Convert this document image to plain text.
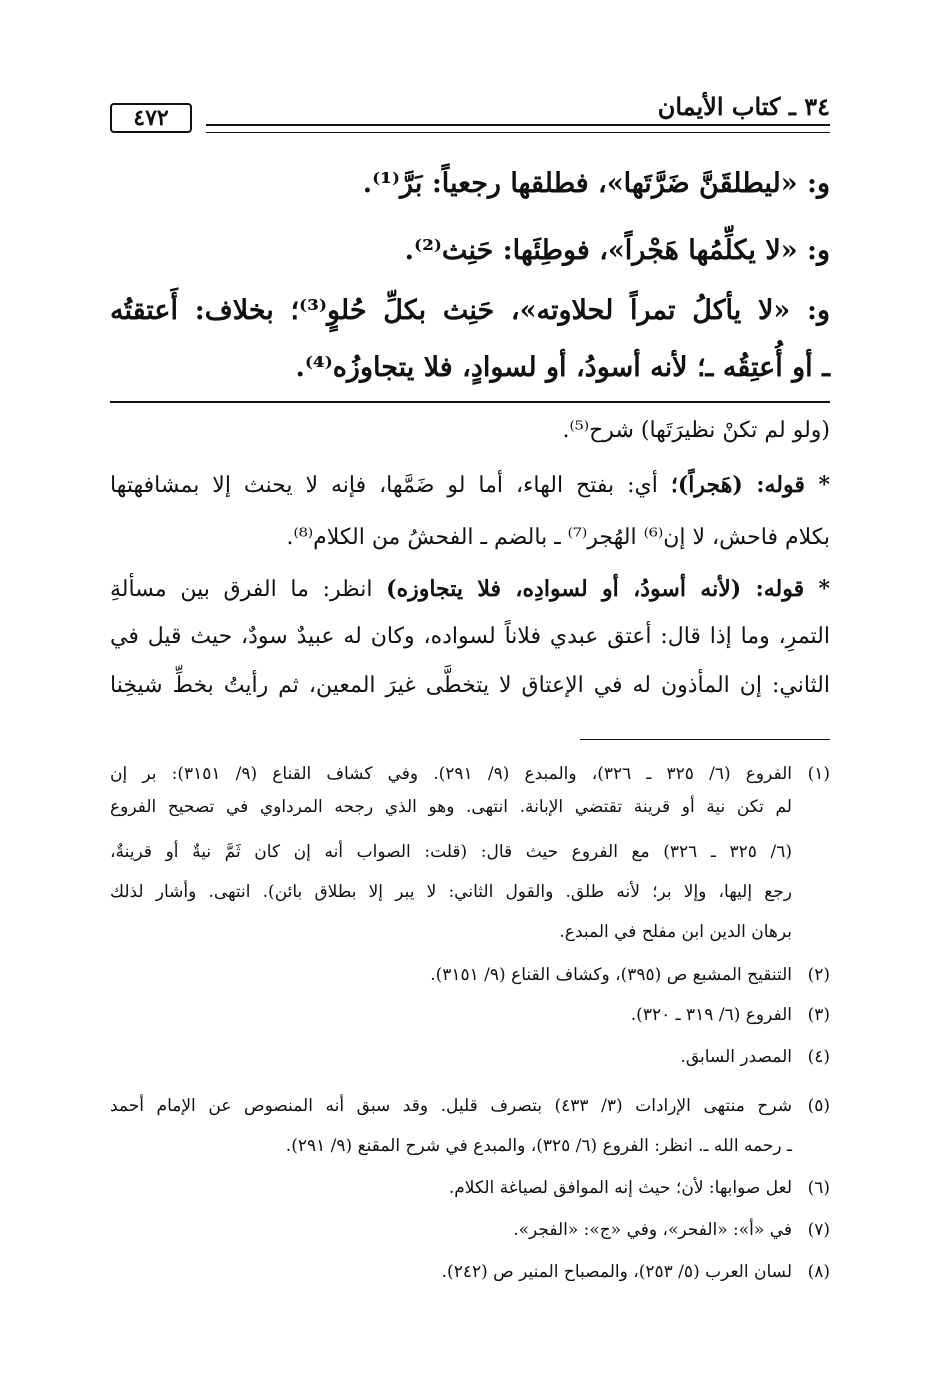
٣٤ ـ كتاب الأيمان
٤٧٢
و: «ليطلقَنَّ ضَرَّتَها»، فطلقها رجعياً: بَرَّ⁽¹⁾.
و: «لا يكلِّمُها هَجْراً»، فوطِئَها: حَنِث⁽²⁾.
و: «لا يأكلُ تمراً لحلاوته»، حَنِث بكلِّ حُلوٍ⁽³⁾؛ بخلاف: أَعتقتُه
ـ أو أُعتِقُه ـ؛ لأنه أسودُ، أو لسوادٍ، فلا يتجاوزُه⁽⁴⁾.
(ولو لم تكنْ نظيرَتَها) شرح⁽⁵⁾.
* قوله: (هَجراً)؛ أي: بفتح الهاء، أما لو ضَمَّها، فإنه لا يحنث إلا بمشافهتها
بكلام فاحش، لا إن⁽⁶⁾ الهُجر⁽⁷⁾ ـ بالضم ـ الفحشُ من الكلام⁽⁸⁾.
* قوله: (لأنه أسودُ، أو لسوادِه، فلا يتجاوزه) انظر: ما الفرق بين مسألةِ
التمرِ، وما إذا قال: أعتق عبدي فلاناً لسواده، وكان له عبيدٌ سودٌ، حيث قيل في
الثاني: إن المأذون له في الإعتاق لا يتخطَّى غيرَ المعين، ثم رأيتُ بخطِّ شيخِنا
(١)الفروع (٦/ ٣٢٥ ـ ٣٢٦)، والمبدع (٩/ ٢٩١). وفي كشاف القناع (٩/ ٣١٥١): بر إن
لم تكن نية أو قرينة تقتضي الإبانة. انتهى. وهو الذي رجحه المرداوي في تصحيح الفروع
(٦/ ٣٢٥ ـ ٣٢٦) مع الفروع حيث قال: (قلت: الصواب أنه إن كان ثَمَّ نيةٌ أو قرينةٌ،
رجع إليها، وإلا بر؛ لأنه طلق. والقول الثاني: لا يبر إلا بطلاق بائن). انتهى. وأشار لذلك
برهان الدين ابن مفلح في المبدع.
(٢)التنقيح المشبع ص (٣٩٥)، وكشاف القناع (٩/ ٣١٥١).
(٣)الفروع (٦/ ٣١٩ ـ ٣٢٠).
(٤)المصدر السابق.
(٥)شرح منتهى الإرادات (٣/ ٤٣٣) بتصرف قليل. وقد سبق أنه المنصوص عن الإمام أحمد
ـ رحمه الله ـ. انظر: الفروع (٦/ ٣٢٥)، والمبدع في شرح المقنع (٩/ ٢٩١).
(٦)لعل صوابها: لأن؛ حيث إنه الموافق لصياغة الكلام.
(٧)في «أ»: «الفحر»، وفي «ج»: «الفجر».
(٨)لسان العرب (٥/ ٢٥٣)، والمصباح المنير ص (٢٤٢).
